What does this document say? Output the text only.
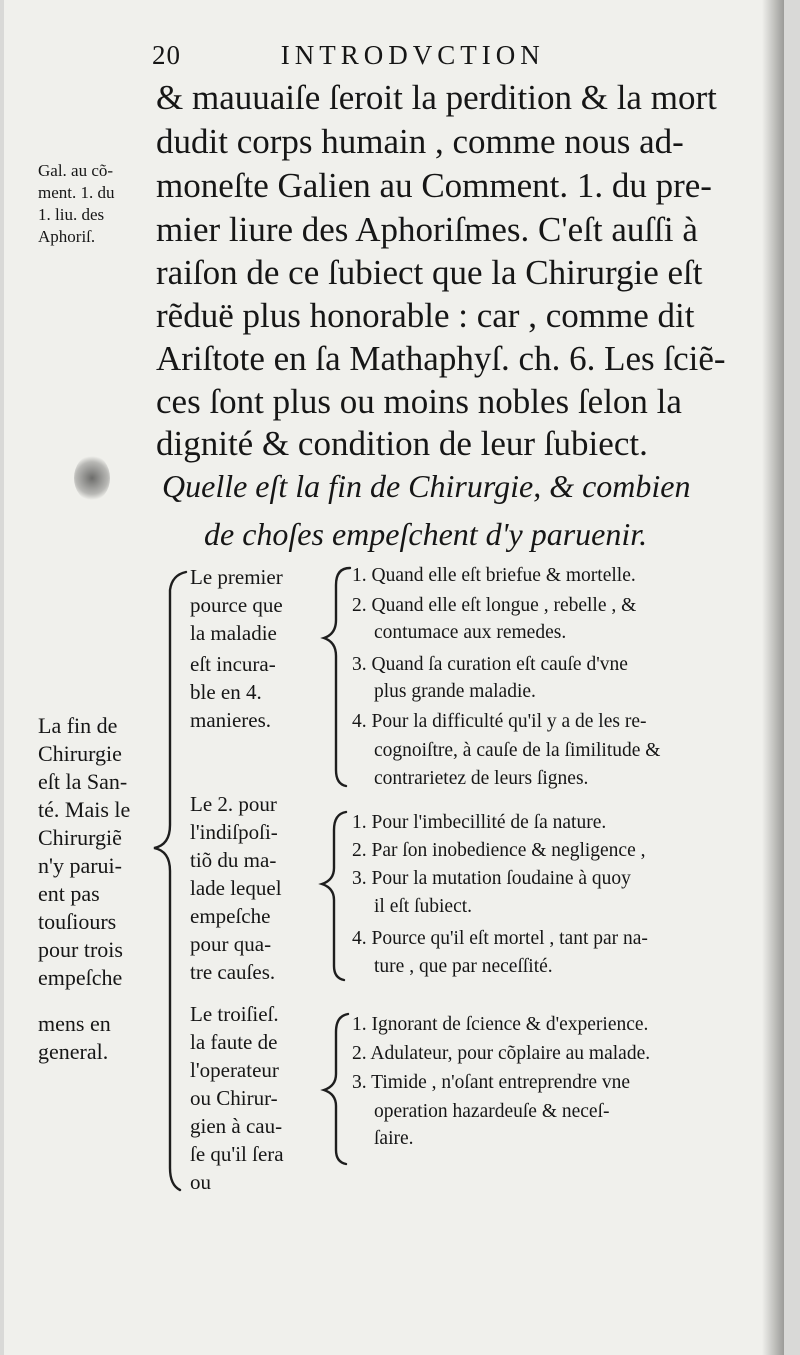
20	INTRODVCTION
& mauuaiſe ſeroit la perdition & la mort
dudit corps humain , comme nous ad-
moneſte Galien au Comment. 1. du pre-
mier liure des Aphoriſmes. C'eſt auſſi à
raiſon de ce ſubiect que la Chirurgie eſt
rẽduë plus honorable : car , comme dit
Ariſtote en ſa Mathaphyſ. ch. 6. Les ſciẽ-
ces ſont plus ou moins nobles ſelon la
dignité & condition de leur ſubiect.
Gal. au cõ-
ment. 1. du
1. liu. des
Aphoriſ.
Quelle eſt la fin de Chirurgie, & combien
de choſes empeſchent d'y paruenir.
La fin de
Chirurgie
eſt la San-
té. Mais le
Chirurgiẽ
n'y parui-
ent pas
touſiours
pour trois
empeſche
mens en
general.
Le premier
pource que
la maladie
eſt incura-
ble en 4.
manieres.
1. Quand elle eſt briefue & mortelle.
2. Quand elle eſt longue , rebelle , &
contumace aux remedes.
3. Quand ſa curation eſt cauſe d'vne
plus grande maladie.
4. Pour la difficulté qu'il y a de les re-
cognoiſtre, à cauſe de la ſimilitude &
contrarietez de leurs ſignes.
Le 2. pour
l'indiſpoſi-
tiõ du ma-
lade lequel
empeſche
pour qua-
tre cauſes.
1. Pour l'imbecillité de ſa nature.
2. Par ſon inobedience & negligence ,
3. Pour la mutation ſoudaine à quoy
il eſt ſubiect.
4. Pource qu'il eſt mortel , tant par na-
ture , que par neceſſité.
Le troiſieſ.
la faute de
l'operateur
ou Chirur-
gien à cau-
ſe qu'il ſera
ou
1. Ignorant de ſcience & d'experience.
2. Adulateur, pour cõplaire au malade.
3. Timide , n'oſant entreprendre vne
operation hazardeuſe & neceſ-
ſaire.
